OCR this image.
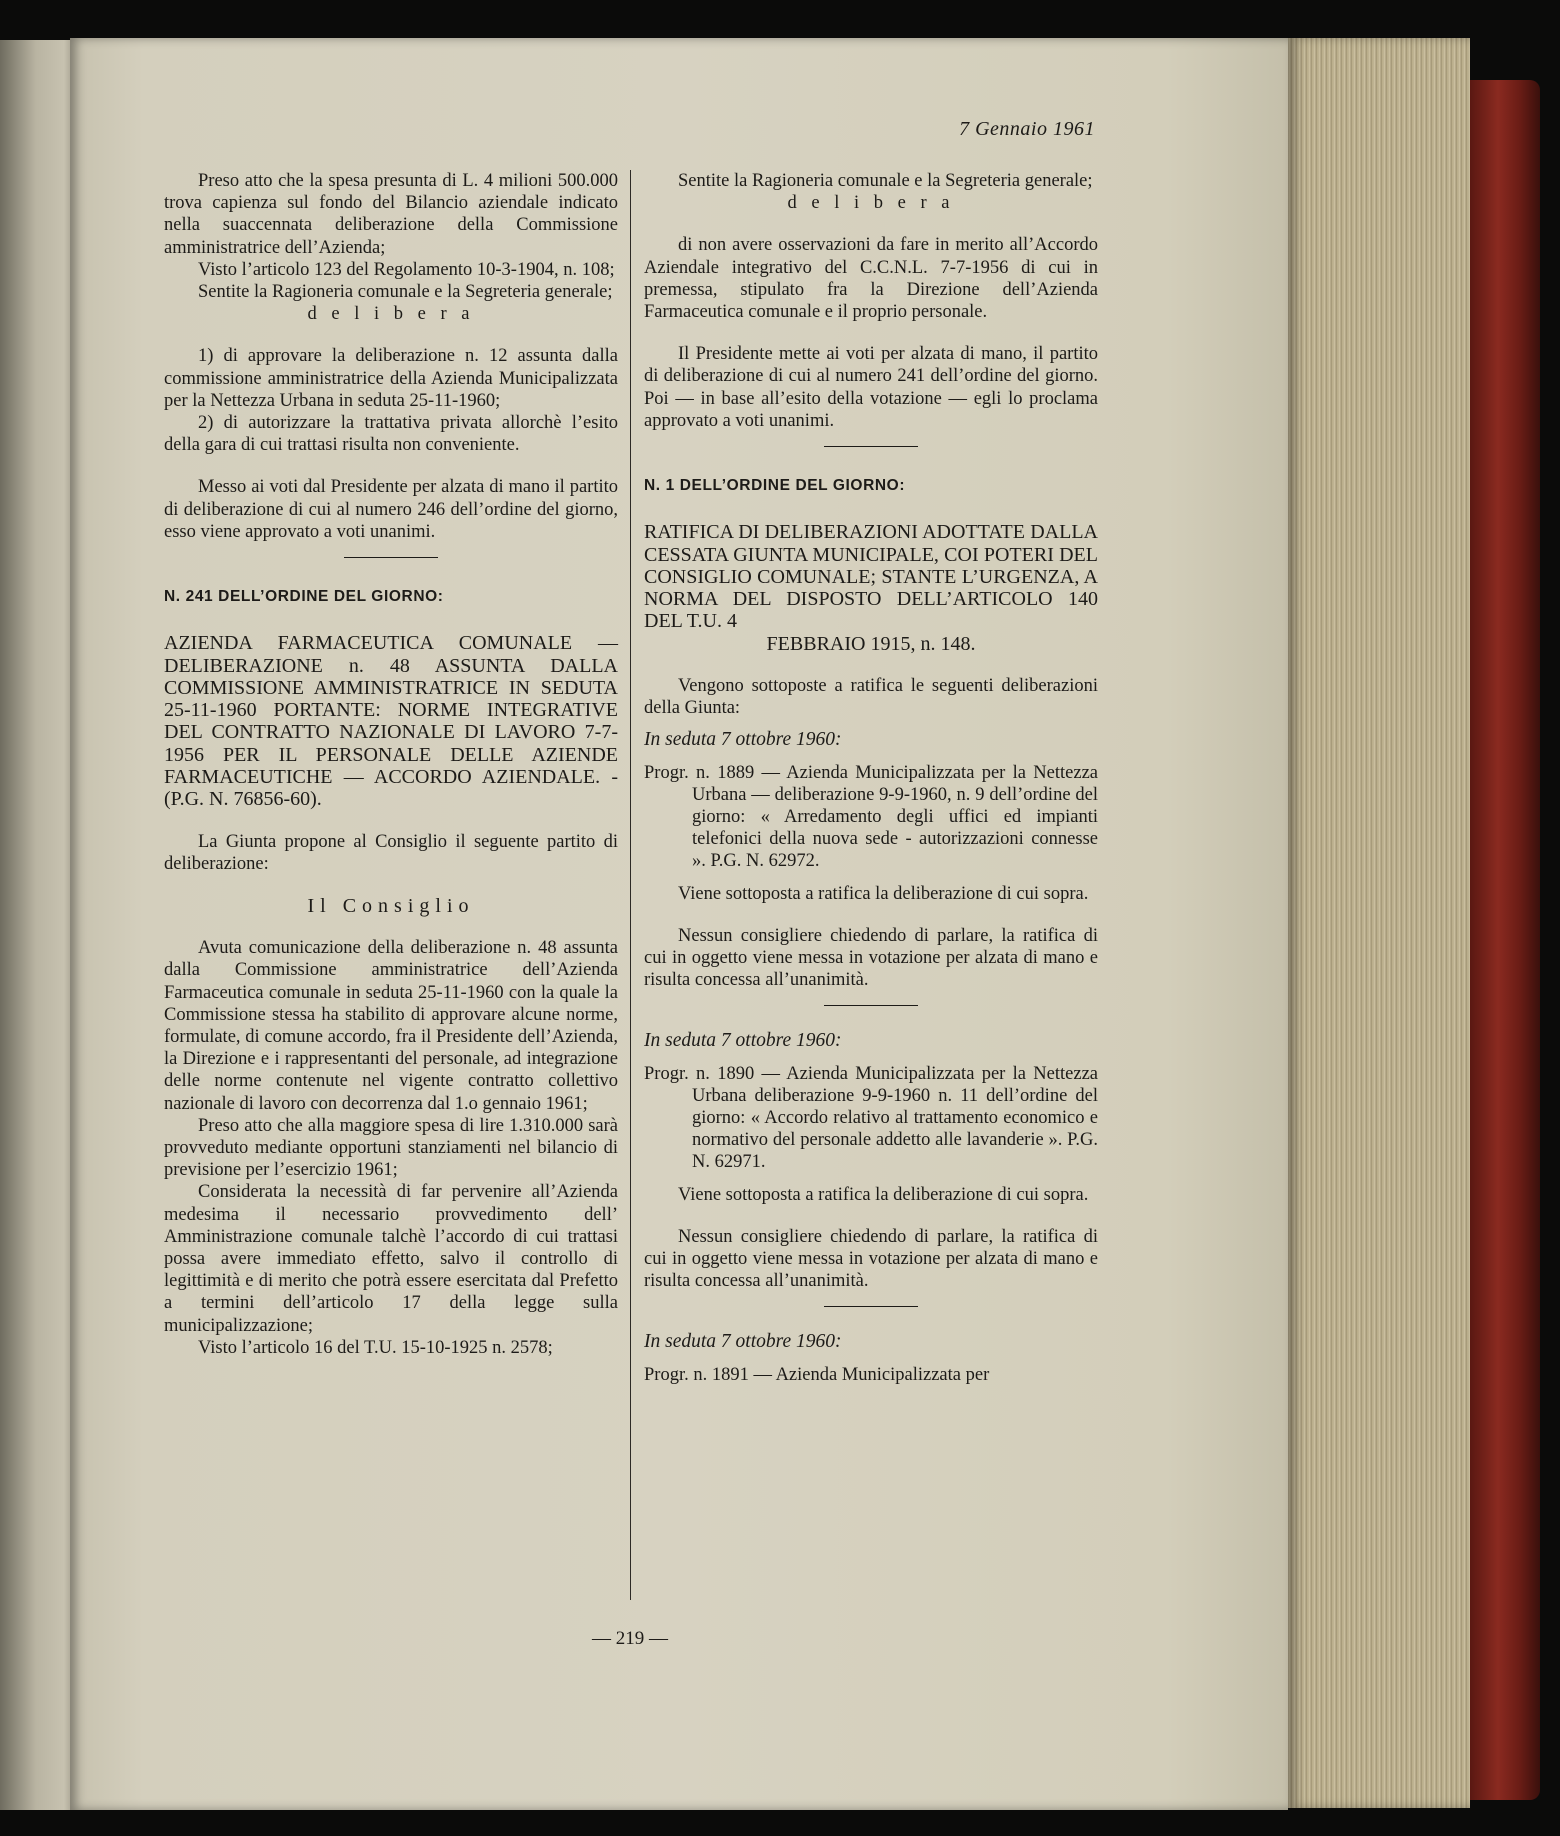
7 Gennaio 1961

Preso atto che la spesa presunta di L. 4 milioni 500.000 trova capienza sul fondo del Bilancio aziendale indicato nella suaccennata deliberazione della Commissione amministratrice dell’Azienda;

Visto l’articolo 123 del Regolamento 10-3-1904, n. 108;

Sentite la Ragioneria comunale e la Segreteria generale;

d e l i b e r a

1) di approvare la deliberazione n. 12 assunta dalla commissione amministratrice della Azienda Municipalizzata per la Nettezza Urbana in seduta 25-11-1960;

2) di autorizzare la trattativa privata allorchè l’esito della gara di cui trattasi risulta non conveniente.

Messo ai voti dal Presidente per alzata di mano il partito di deliberazione di cui al numero 246 dell’ordine del giorno, esso viene approvato a voti unanimi.

N. 241 DELL’ORDINE DEL GIORNO:

AZIENDA FARMACEUTICA COMUNALE — DELIBERAZIONE n. 48 ASSUNTA DALLA COMMISSIONE AMMINISTRATRICE IN SEDUTA 25-11-1960 PORTANTE: NORME INTEGRATIVE DEL CONTRATTO NAZIONALE DI LAVORO 7-7-1956 PER IL PERSONALE DELLE AZIENDE FARMACEUTICHE — ACCORDO AZIENDALE. - (P.G. N. 76856-60).

La Giunta propone al Consiglio il seguente partito di deliberazione:

Il Consiglio

Avuta comunicazione della deliberazione n. 48 assunta dalla Commissione amministratrice dell’Azienda Farmaceutica comunale in seduta 25-11-1960 con la quale la Commissione stessa ha stabilito di approvare alcune norme, formulate, di comune accordo, fra il Presidente dell’Azienda, la Direzione e i rappresentanti del personale, ad integrazione delle norme contenute nel vigente contratto collettivo nazionale di lavoro con decorrenza dal 1.o gennaio 1961;

Preso atto che alla maggiore spesa di lire 1.310.000 sarà provveduto mediante opportuni stanziamenti nel bilancio di previsione per l’esercizio 1961;

Considerata la necessità di far pervenire all’Azienda medesima il necessario provvedimento dell’ Amministrazione comunale talchè l’accordo di cui trattasi possa avere immediato effetto, salvo il controllo di legittimità e di merito che potrà essere esercitata dal Prefetto a termini dell’articolo 17 della legge sulla municipalizzazione;

Visto l’articolo 16 del T.U. 15-10-1925 n. 2578;

Sentite la Ragioneria comunale e la Segreteria generale;

d e l i b e r a

di non avere osservazioni da fare in merito all’Accordo Aziendale integrativo del C.C.N.L. 7-7-1956 di cui in premessa, stipulato fra la Direzione dell’Azienda Farmaceutica comunale e il proprio personale.

Il Presidente mette ai voti per alzata di mano, il partito di deliberazione di cui al numero 241 dell’ordine del giorno. Poi — in base all’esito della votazione — egli lo proclama approvato a voti unanimi.

N. 1 DELL’ORDINE DEL GIORNO:

RATIFICA DI DELIBERAZIONI ADOTTATE DALLA CESSATA GIUNTA MUNICIPALE, COI POTERI DEL CONSIGLIO COMUNALE; STANTE L’URGENZA, A NORMA DEL DISPOSTO DELL’ARTICOLO 140 DEL T.U. 4
FEBBRAIO 1915, n. 148.

Vengono sottoposte a ratifica le seguenti deliberazioni della Giunta:

In seduta 7 ottobre 1960:

Progr. n. 1889 — Azienda Municipalizzata per la Nettezza Urbana — deliberazione 9-9-1960, n. 9 dell’ordine del giorno: « Arredamento degli uffici ed impianti telefonici della nuova sede - autorizzazioni connesse ». P.G. N. 62972.

Viene sottoposta a ratifica la deliberazione di cui sopra.

Nessun consigliere chiedendo di parlare, la ratifica di cui in oggetto viene messa in votazione per alzata di mano e risulta concessa all’unanimità.

In seduta 7 ottobre 1960:

Progr. n. 1890 — Azienda Municipalizzata per la Nettezza Urbana deliberazione 9-9-1960 n. 11 dell’ordine del giorno: « Accordo relativo al trattamento economico e normativo del personale addetto alle lavanderie ». P.G. N. 62971.

Viene sottoposta a ratifica la deliberazione di cui sopra.

Nessun consigliere chiedendo di parlare, la ratifica di cui in oggetto viene messa in votazione per alzata di mano e risulta concessa all’unanimità.

In seduta 7 ottobre 1960:

Progr. n. 1891 — Azienda Municipalizzata per

— 219 —
